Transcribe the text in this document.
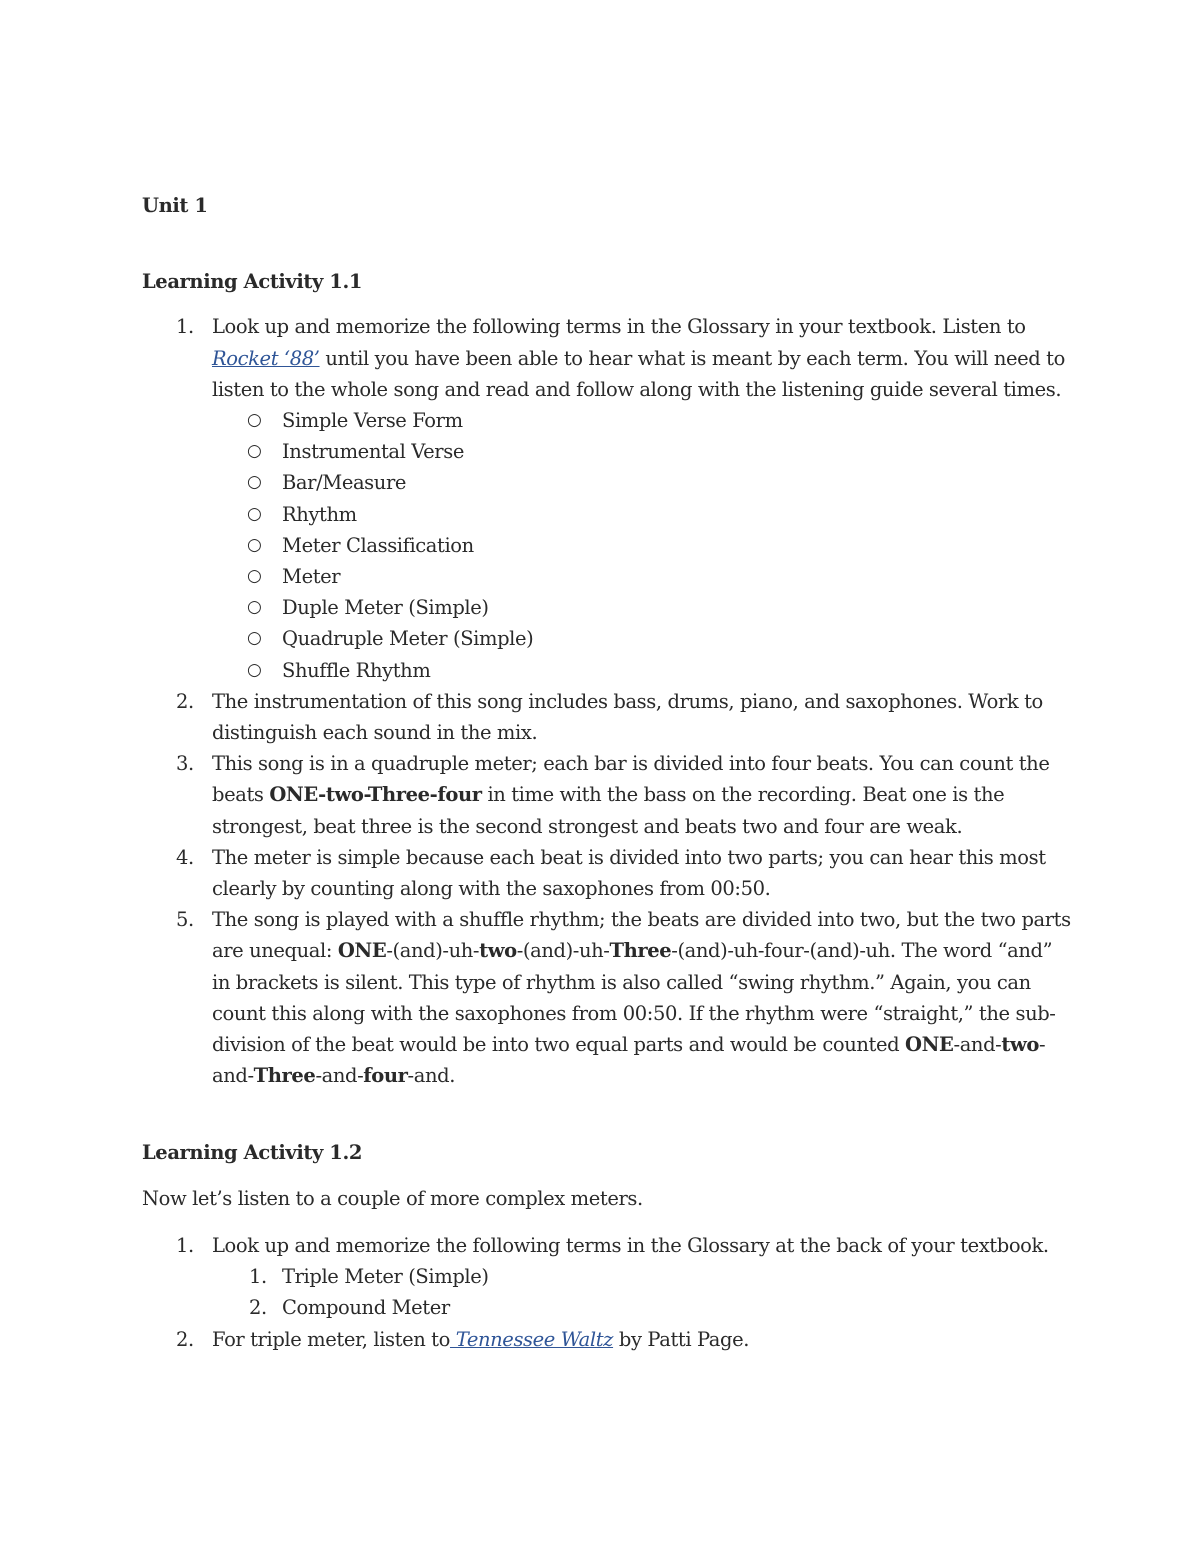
Unit 1

Learning Activity 1.1

1. Look up and memorize the following terms in the Glossary in your textbook. Listen to Rocket ‘88’ until you have been able to hear what is meant by each term. You will need to listen to the whole song and read and follow along with the listening guide several times.
○ Simple Verse Form
○ Instrumental Verse
○ Bar/Measure
○ Rhythm
○ Meter Classification
○ Meter
○ Duple Meter (Simple)
○ Quadruple Meter (Simple)
○ Shuffle Rhythm
2. The instrumentation of this song includes bass, drums, piano, and saxophones. Work to distinguish each sound in the mix.
3. This song is in a quadruple meter; each bar is divided into four beats. You can count the beats ONE-two-Three-four in time with the bass on the recording. Beat one is the strongest, beat three is the second strongest and beats two and four are weak.
4. The meter is simple because each beat is divided into two parts; you can hear this most clearly by counting along with the saxophones from 00:50.
5. The song is played with a shuffle rhythm; the beats are divided into two, but the two parts are unequal: ONE-(and)-uh-two-(and)-uh-Three-(and)-uh-four-(and)-uh. The word “and” in brackets is silent. This type of rhythm is also called “swing rhythm.” Again, you can count this along with the saxophones from 00:50. If the rhythm were “straight,” the sub-division of the beat would be into two equal parts and would be counted ONE-and-two-and-Three-and-four-and.

Learning Activity 1.2

Now let’s listen to a couple of more complex meters.

1. Look up and memorize the following terms in the Glossary at the back of your textbook.
1. Triple Meter (Simple)
2. Compound Meter
2. For triple meter, listen to Tennessee Waltz by Patti Page.
